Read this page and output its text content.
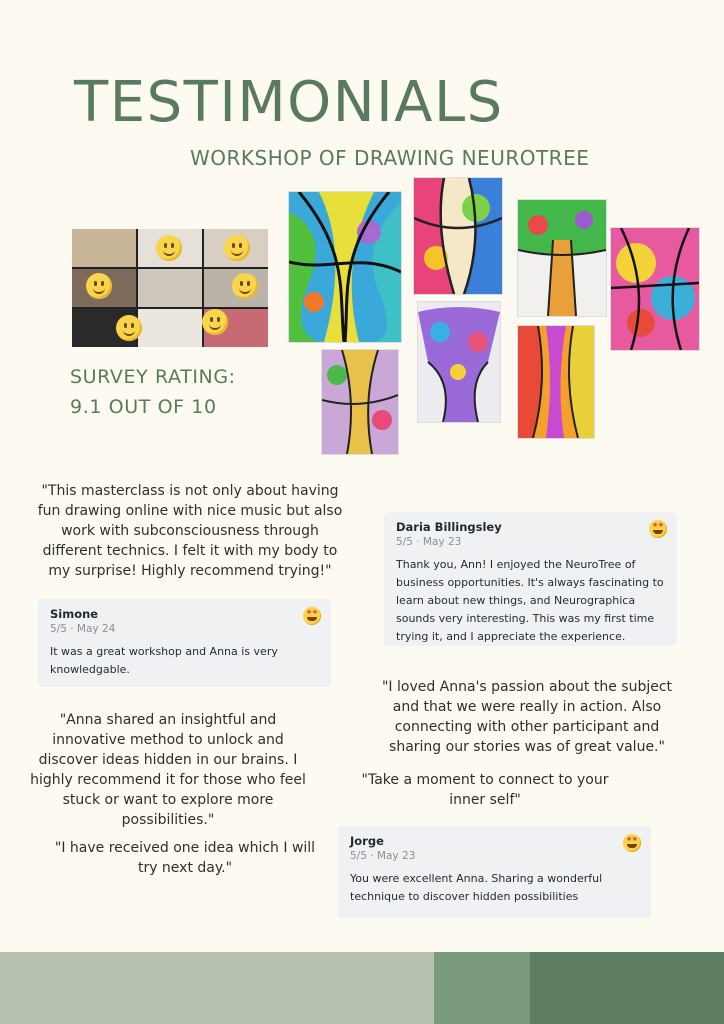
TESTIMONIALS
WORKSHOP OF DRAWING NEUROTREE
SURVEY RATING:
9.1 OUT OF 10
"This masterclass is not only about having fun drawing online with nice music but also work with subconsciousness through different technics. I felt it with my body to my surprise! Highly recommend trying!"
"Anna shared an insightful and innovative method to unlock and discover ideas hidden in our brains. I highly recommend it for those who feel stuck or want to explore more possibilities."
"I have received one idea which I will try next day."
"I loved Anna's passion about the subject and that we were really in action. Also connecting with other participant and sharing our stories was of great value."
"Take a moment to connect to your inner self"
Daria Billingsley
5/5 · May 23
Thank you, Ann! I enjoyed the NeuroTree of business opportunities. It's always fascinating to learn about new things, and Neurographica sounds very interesting. This was my first time trying it, and I appreciate the experience.
★
★
Simone
5/5 · May 24
It was a great workshop and Anna is very knowledgable.
★
★
Jorge
5/5 · May 23
You were excellent Anna. Sharing a wonderful technique to discover hidden possibilities
★
★
